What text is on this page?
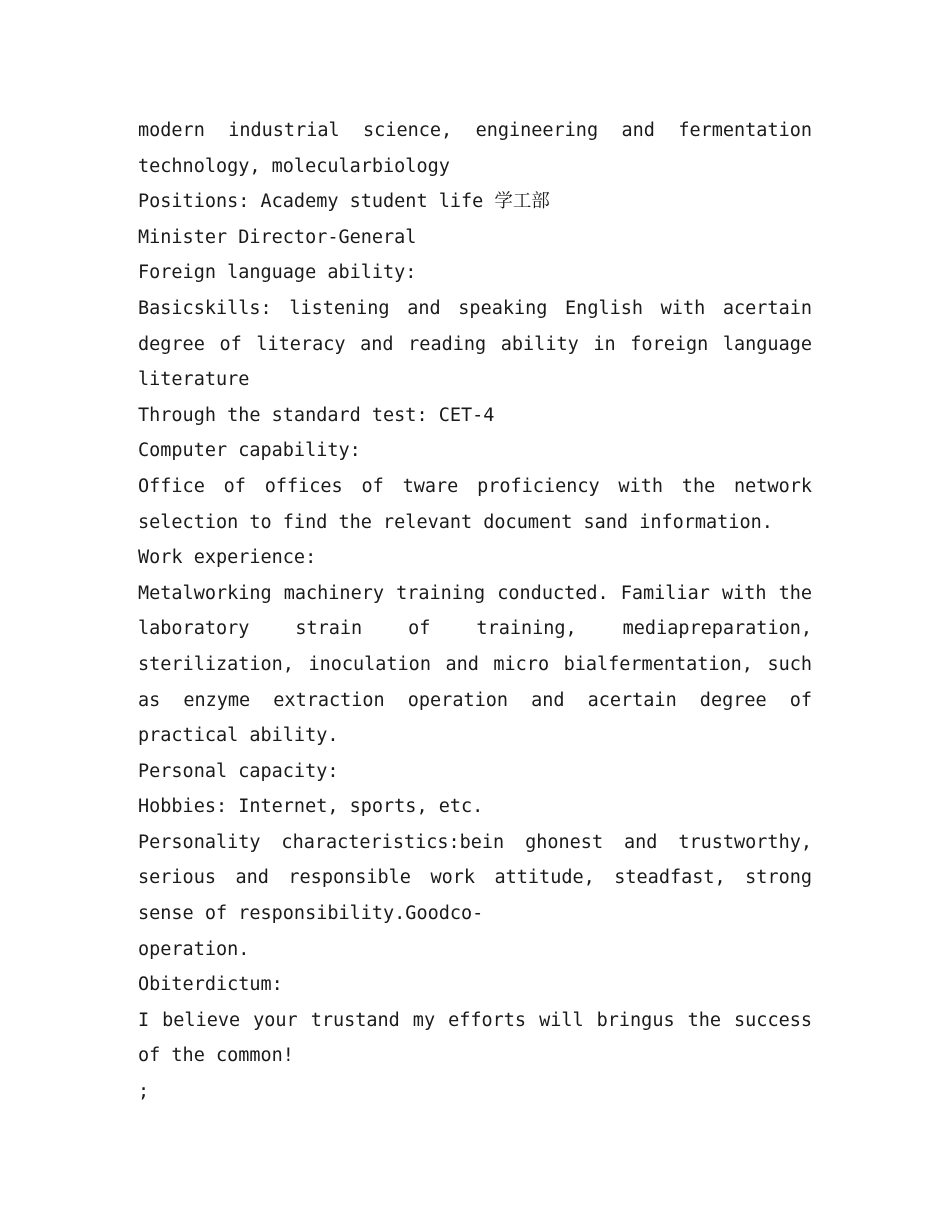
modern industrial science, engineering and fermentation technology, molecularbiology

Positions: Academy student life 学工部

Minister Director-General

Foreign language ability:

Basicskills: listening and speaking English with acertain degree of literacy and reading ability in foreign language literature

Through the standard test: CET-4

Computer capability:

Office of offices of tware proficiency with the network selection to find the relevant document sand information.

Work experience:

Metalworking machinery training conducted. Familiar with the laboratory strain of training, mediapreparation, sterilization, inoculation and micro bialfermentation, such as enzyme extraction operation and acertain degree of practical ability.

Personal capacity:

Hobbies: Internet, sports, etc.

Personality characteristics:bein ghonest and trustworthy, serious and responsible work attitude, steadfast, strong sense of responsibility.Goodco-

operation.

Obiterdictum:

I believe your trustand my efforts will bringus the success of the common!

;
